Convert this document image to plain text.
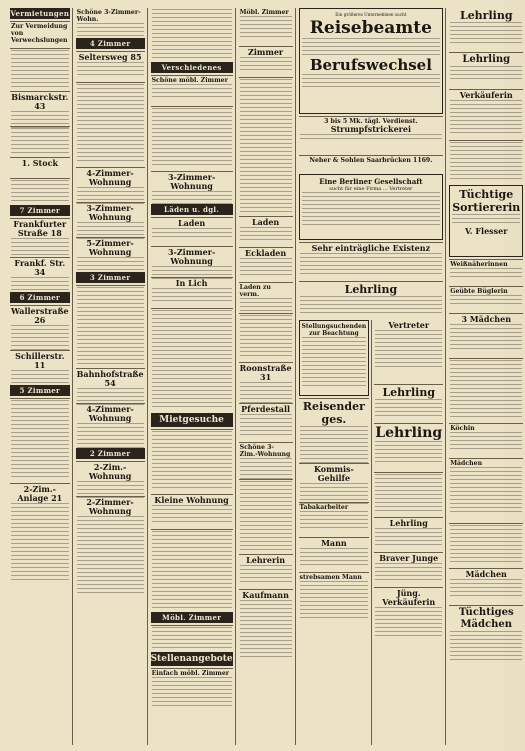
Vermietungen
Zur Vermeidung von Verwechslungen
Bismarckstr. 43
1. Stock
7 Zimmer
Frankfurter Straße 18
Frankf. Str. 34
6 Zimmer
Wallerstraße 26
Schillerstr. 11
5 Zimmer
2-Zim.-Anlage 21
Schöne 3-Zimmer-Wohn.
4 Zimmer
Seltersweg 85
4-Zimmer-Wohnung
3-Zimmer-Wohnung
5-Zimmer-Wohnung
3 Zimmer
Bahnhofstraße 54
4-Zimmer-Wohnung
2 Zimmer
2-Zim.-Wohnung
2-Zimmer-Wohnung
Verschiedenes
Schöne möbl. Zimmer
3-Zimmer-Wohnung
Läden u. dgl.
Laden
3-Zimmer-Wohnung
In Lich
Mietgesuche
Kleine Wohnung
Möbl. Zimmer
Stellenangebote
Einfach möbl. Zimmer
Möbl. Zimmer
Zimmer
Laden
Eckladen
Laden zu verm.
Roonstraße 31
Pferdestall
Schöne 3-Zim.-Wohnung
Lehrerin
Kaufmann
Ein größeres Unternehmen sucht
Reisebeamte
Berufswechsel
3 bis 5 Mk. tägl. Verdienst.
Strumpfstrickerei
Neher & Sohlen Saarbrücken 1169.
Eine Berliner Gesellschaft
sucht für eine Firma ... Vertreter
Sehr einträgliche Existenz
Lehrling
Stellungsuchenden zur Beachtung
Reisender ges.
Kommis-Gehilfe
Tabakarbeiter
Mann
strebsamen Mann
Vertreter
Lehrling
Lehrling
Lehrling
Braver Junge
Jüng. Verkäuferin
Lehrling
Lehrling
Verkäuferin
Tüchtige Sortiererin
V. Flesser
Weißnäherinnen
Geübte Büglerin
3 Mädchen
Köchin
Mädchen
Mädchen
Tüchtiges Mädchen
